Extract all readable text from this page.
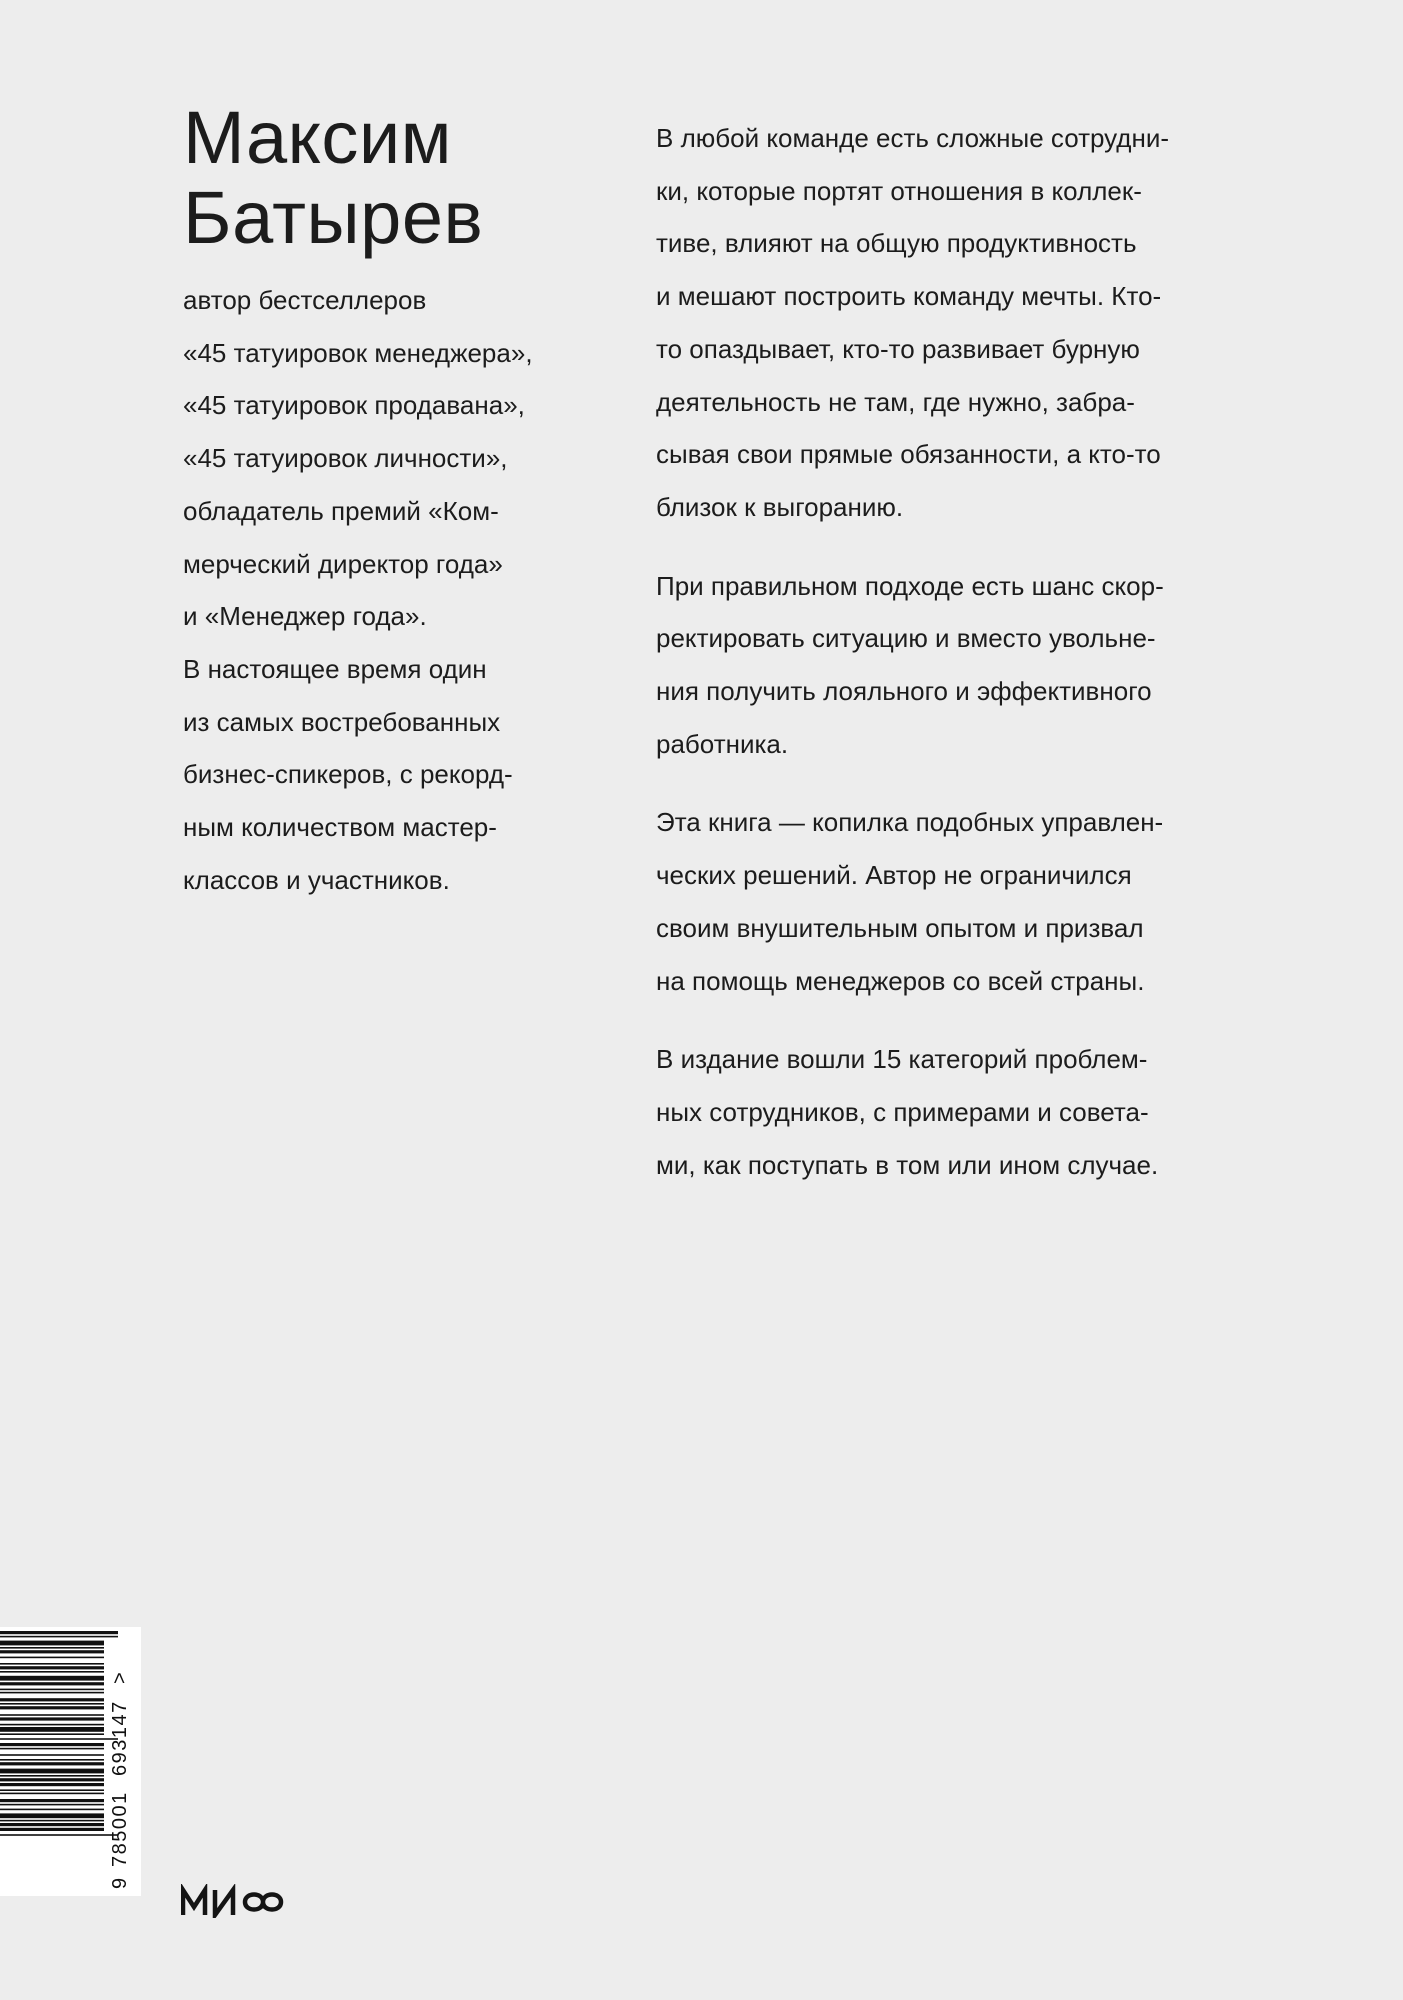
Максим
Батырев
автор бестселлеров
«45 татуировок менеджера»,
«45 татуировок продавана»,
«45 татуировок личности»,
обладатель премий «Ком-
мерческий директор года»
и «Менеджер года».
В настоящее время один
из самых востребованных
бизнес-спикеров, с рекорд-
ным количеством мастер-
классов и участников.
В любой команде есть сложные сотрудни-
ки, которые портят отношения в коллек-
тиве, влияют на общую продуктивность
и мешают построить команду мечты. Кто-
то опаздывает, кто-то развивает бурную
деятельность не там, где нужно, забра-
сывая свои прямые обязанности, а кто-то
близок к выгоранию.
При правильном подходе есть шанс скор-
ректировать ситуацию и вместо увольне-
ния получить лояльного и эффективного
работника.
Эта книга — копилка подобных управлен-
ческих решений. Автор не ограничился
своим внушительным опытом и призвал
на помощь менеджеров со всей страны.
В издание вошли 15 категорий проблем-
ных сотрудников, с примерами и совета-
ми, как поступать в том или ином случае.
9
785001
693147
>
